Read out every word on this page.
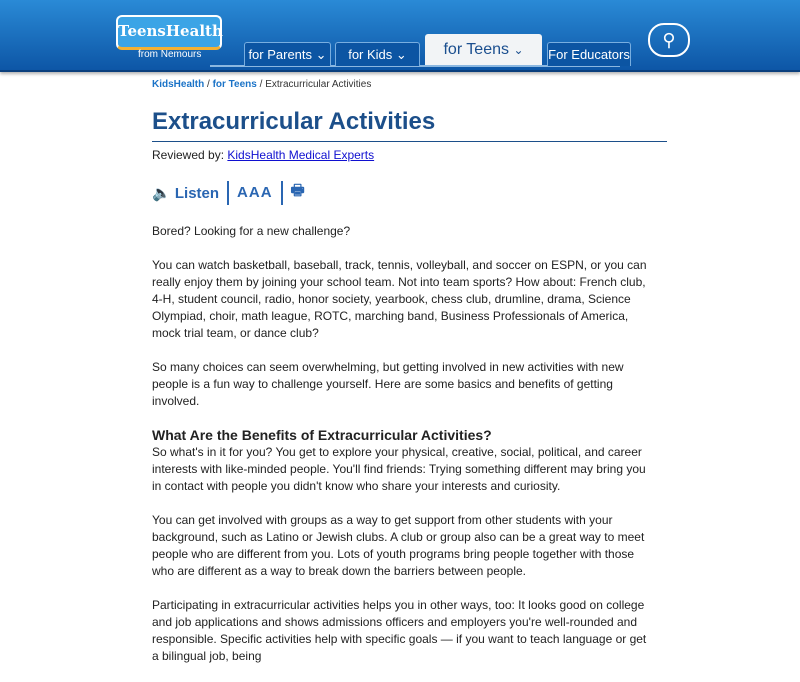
TeensHealth
from Nemours	for Parents ⌄	for Kids ⌄	for Teens ⌄	For Educators
⚲
KidsHealth / for Teens / Extracurricular Activities
Extracurricular Activities
Reviewed by: KidsHealth Medical Experts
🔈 Listen AAA 🖶

Bored? Looking for a new challenge?

You can watch basketball, baseball, track, tennis, volleyball, and soccer on ESPN, or you can really enjoy them by joining your school team. Not into team sports? How about: French club, 4-H, student council, radio, honor society, yearbook, chess club, drumline, drama, Science Olympiad, choir, math league, ROTC, marching band, Business Professionals of America, mock trial team, or dance club?

So many choices can seem overwhelming, but getting involved in new activities with new people is a fun way to challenge yourself. Here are some basics and benefits of getting involved.

What Are the Benefits of Extracurricular Activities?

So what's in it for you? You get to explore your physical, creative, social, political, and career interests with like-minded people. You'll find friends: Trying something different may bring you in contact with people you didn't know who share your interests and curiosity.

You can get involved with groups as a way to get support from other students with your background, such as Latino or Jewish clubs. A club or group also can be a great way to meet people who are different from you. Lots of youth programs bring people together with those who are different as a way to break down the barriers between people.

Participating in extracurricular activities helps you in other ways, too: It looks good on college and job applications and shows admissions officers and employers you're well-rounded and responsible. Specific activities help with specific goals — if you want to teach language or get a bilingual job, being
